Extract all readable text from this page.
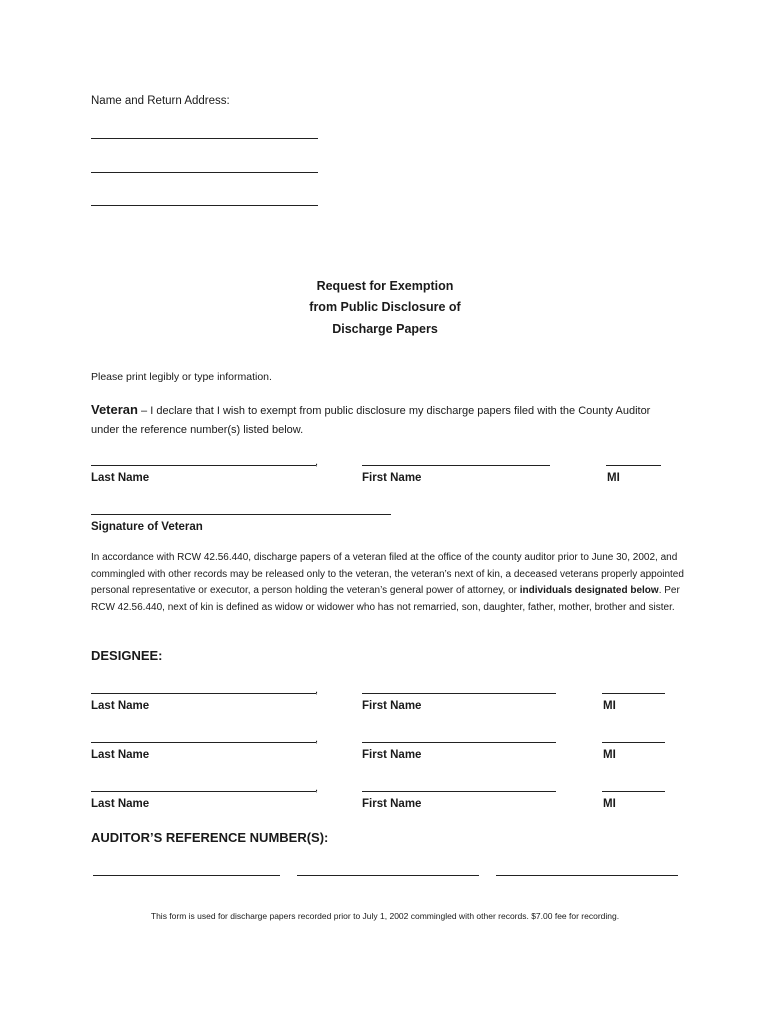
Name and Return Address:
Request for Exemption
from Public Disclosure of
Discharge Papers
Please print legibly or type information.
Veteran – I declare that I wish to exempt from public disclosure my discharge papers filed with the County Auditor under the reference number(s) listed below.
,
Last Name	First Name	MI
Signature of Veteran
In accordance with RCW 42.56.440, discharge papers of a veteran filed at the office of the county auditor prior to June 30, 2002, and commingled with other records may be released only to the veteran, the veteran’s next of kin, a deceased veterans properly appointed personal representative or executor, a person holding the veteran’s general power of attorney, or individuals designated below. Per RCW 42.56.440, next of kin is defined as widow or widower who has not remarried, son, daughter, father, mother, brother and sister.
DESIGNEE:
,
Last Name	First Name	MI
,
Last Name	First Name	MI
,
Last Name	First Name	MI
AUDITOR’S REFERENCE NUMBER(S):
This form is used for discharge papers recorded prior to July 1, 2002 commingled with other records. $7.00 fee for recording.
